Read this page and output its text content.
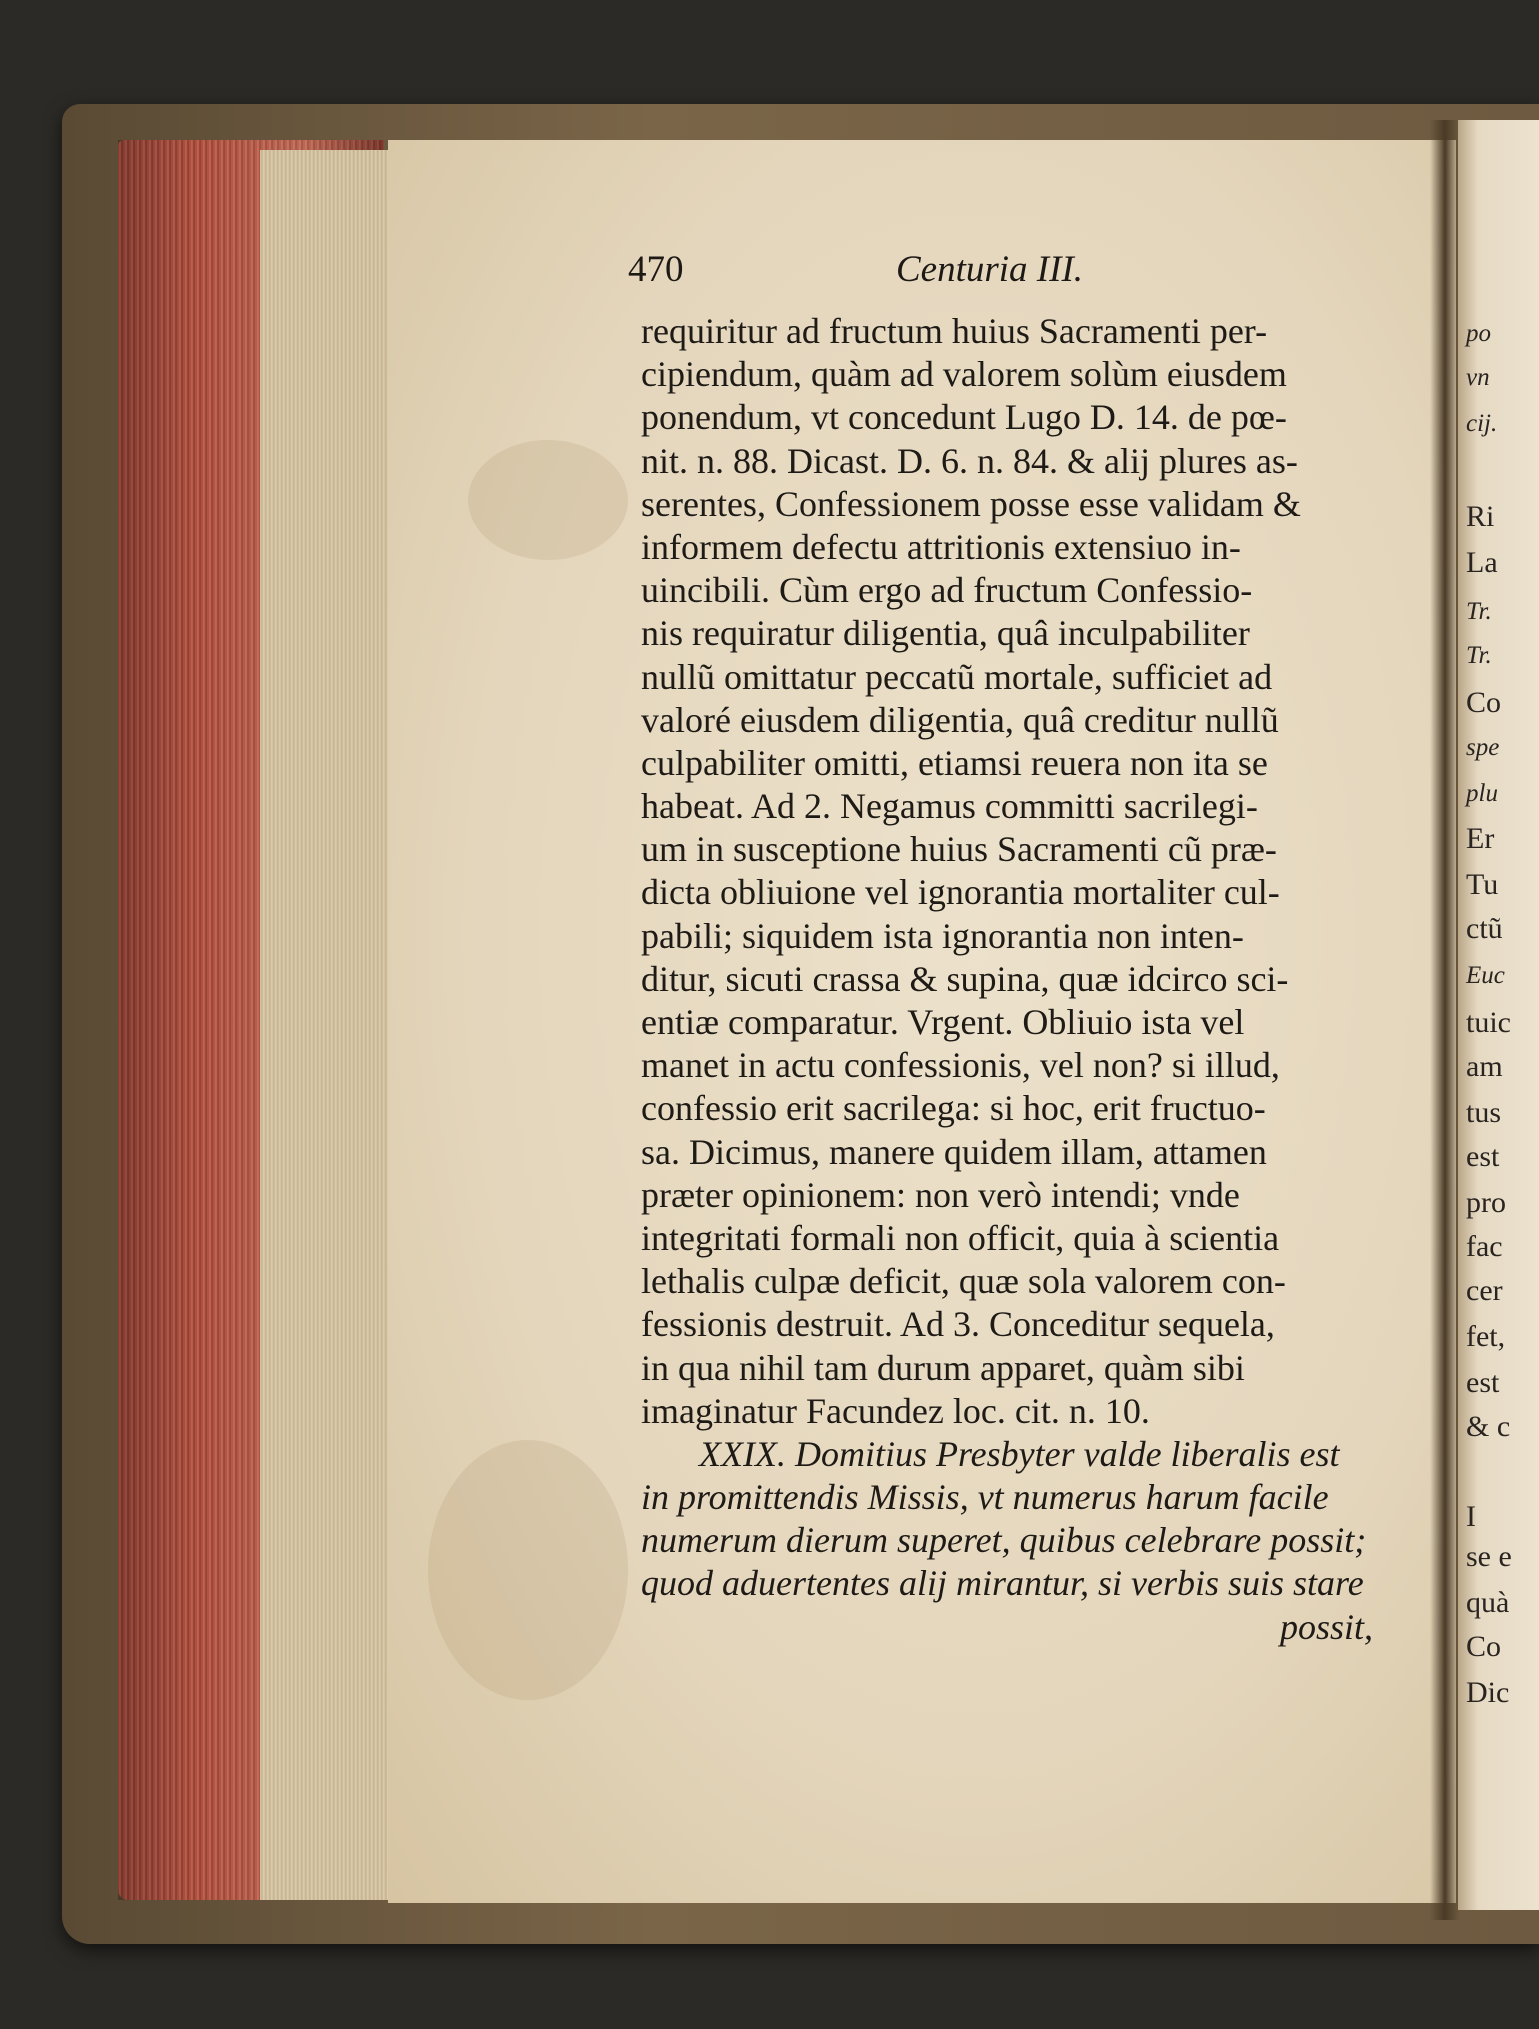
470	Centuria III.
requiritur ad fructum huius Sacramenti per-
cipiendum, quàm ad valorem solùm eiusdem
ponendum, vt concedunt Lugo D. 14. de pœ-
nit. n. 88. Dicast. D. 6. n. 84. & alij plures as-
serentes, Confessionem posse esse validam &
informem defectu attritionis extensiuo in-
uincibili. Cùm ergo ad fructum Confessio-
nis requiratur diligentia, quâ inculpabiliter
nullũ omittatur peccatũ mortale, sufficiet ad
valoré eiusdem diligentia, quâ creditur nullũ
culpabiliter omitti, etiamsi reuera non ita se
habeat. Ad 2. Negamus committi sacrilegi-
um in susceptione huius Sacramenti cũ præ-
dicta obliuione vel ignorantia mortaliter cul-
pabili; siquidem ista ignorantia non inten-
ditur, sicuti crassa & supina, quæ idcirco sci-
entiæ comparatur. Vrgent. Obliuio ista vel
manet in actu confessionis, vel non? si illud,
confessio erit sacrilega: si hoc, erit fructuo-
sa. Dicimus, manere quidem illam, attamen
præter opinionem: non verò intendi; vnde
integritati formali non officit, quia à scientia
lethalis culpæ deficit, quæ sola valorem con-
fessionis destruit. Ad 3. Conceditur sequela,
in qua nihil tam durum apparet, quàm sibi
imaginatur Facundez loc. cit. n. 10.
XXIX. Domitius Presbyter valde liberalis est
in promittendis Missis, vt numerus harum facile
numerum dierum superet, quibus celebrare possit;
quod aduertentes alij mirantur, si verbis suis stare
possit,
po
vn
cij.
Ri
La
Tr.
Tr.
Co
spe
plu
Er
Tu
ctũ
Euc
tuic
am
tus
est
pro
fac
cer
fet,
est
& c
I
se e
quà
Co
Dic
